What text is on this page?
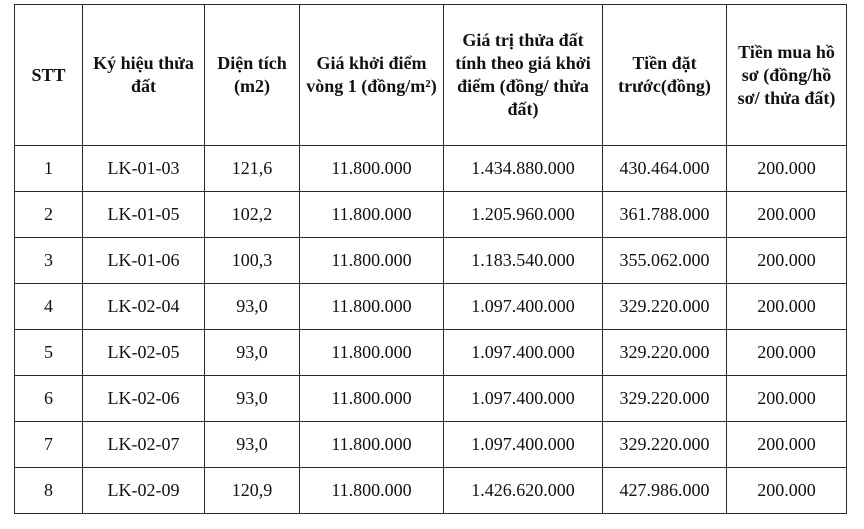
STT	Ký hiệu thửa đất	Diện tích (m2)	Giá khởi điểm vòng 1 (đồng/m²)	Giá trị thửa đất tính theo giá khởi điểm (đồng/ thửa đất)	Tiền đặt trước(đồng)	Tiền mua hồ sơ (đồng/hồ sơ/ thửa đất)
1	LK-01-03	121,6	11.800.000	1.434.880.000	430.464.000	200.000
2	LK-01-05	102,2	11.800.000	1.205.960.000	361.788.000	200.000
3	LK-01-06	100,3	11.800.000	1.183.540.000	355.062.000	200.000
4	LK-02-04	93,0	11.800.000	1.097.400.000	329.220.000	200.000
5	LK-02-05	93,0	11.800.000	1.097.400.000	329.220.000	200.000
6	LK-02-06	93,0	11.800.000	1.097.400.000	329.220.000	200.000
7	LK-02-07	93,0	11.800.000	1.097.400.000	329.220.000	200.000
8	LK-02-09	120,9	11.800.000	1.426.620.000	427.986.000	200.000
